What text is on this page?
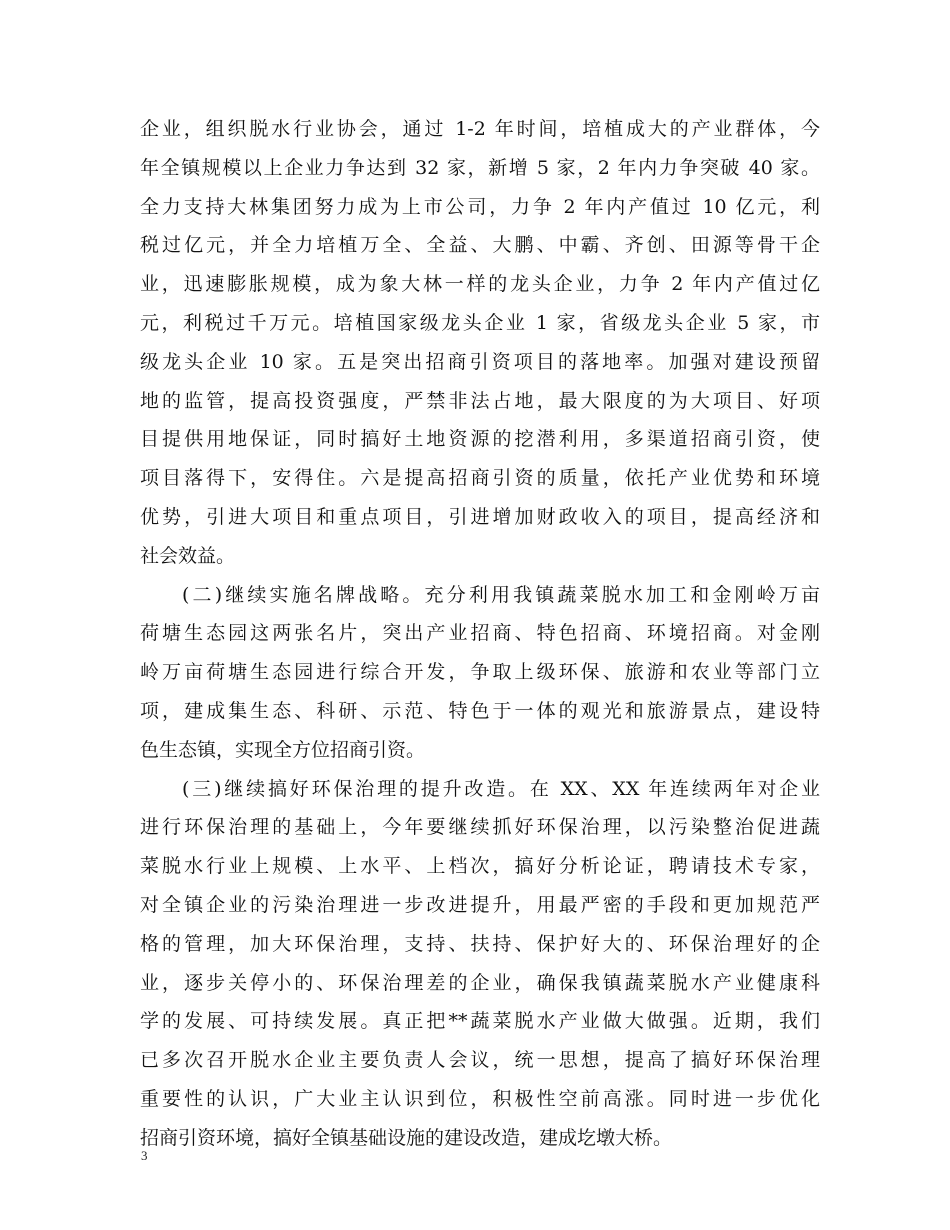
企业，组织脱水行业协会，通过 1-2 年时间，培植成大的产业群体，今
年全镇规模以上企业力争达到 32 家，新增 5 家，2 年内力争突破 40 家。
全力支持大林集团努力成为上市公司，力争 2 年内产值过 10 亿元，利
税过亿元，并全力培植万全、全益、大鹏、中霸、齐创、田源等骨干企
业，迅速膨胀规模，成为象大林一样的龙头企业，力争 2 年内产值过亿
元，利税过千万元。培植国家级龙头企业 1 家，省级龙头企业 5 家，市
级龙头企业 10 家。五是突出招商引资项目的落地率。加强对建设预留
地的监管，提高投资强度，严禁非法占地，最大限度的为大项目、好项
目提供用地保证，同时搞好土地资源的挖潜利用，多渠道招商引资，使
项目落得下，安得住。六是提高招商引资的质量，依托产业优势和环境
优势，引进大项目和重点项目，引进增加财政收入的项目，提高经济和
社会效益。
(二)继续实施名牌战略。充分利用我镇蔬菜脱水加工和金刚岭万亩
荷塘生态园这两张名片，突出产业招商、特色招商、环境招商。对金刚
岭万亩荷塘生态园进行综合开发，争取上级环保、旅游和农业等部门立
项，建成集生态、科研、示范、特色于一体的观光和旅游景点，建设特
色生态镇，实现全方位招商引资。
(三)继续搞好环保治理的提升改造。在 XX、XX 年连续两年对企业
进行环保治理的基础上，今年要继续抓好环保治理，以污染整治促进蔬
菜脱水行业上规模、上水平、上档次，搞好分析论证，聘请技术专家，
对全镇企业的污染治理进一步改进提升，用最严密的手段和更加规范严
格的管理，加大环保治理，支持、扶持、保护好大的、环保治理好的企
业，逐步关停小的、环保治理差的企业，确保我镇蔬菜脱水产业健康科
学的发展、可持续发展。真正把**蔬菜脱水产业做大做强。近期，我们
已多次召开脱水企业主要负责人会议，统一思想，提高了搞好环保治理
重要性的认识，广大业主认识到位，积极性空前高涨。同时进一步优化
招商引资环境，搞好全镇基础设施的建设改造，建成圪墩大桥。
3
